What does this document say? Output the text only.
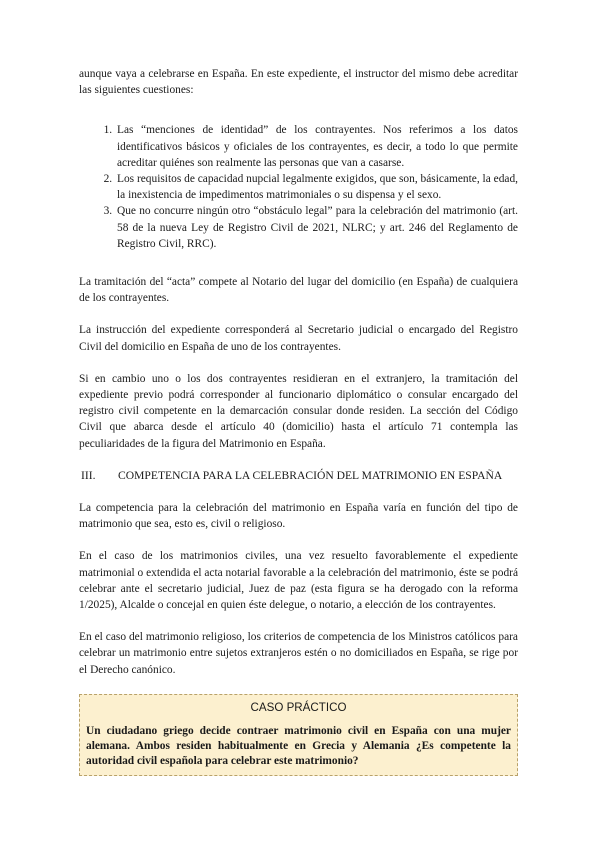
aunque vaya a celebrarse en España. En este expediente, el instructor del mismo debe acreditar las siguientes cuestiones:

1. Las “menciones de identidad” de los contrayentes. Nos referimos a los datos identificativos básicos y oficiales de los contrayentes, es decir, a todo lo que permite acreditar quiénes son realmente las personas que van a casarse.
2. Los requisitos de capacidad nupcial legalmente exigidos, que son, básicamente, la edad, la inexistencia de impedimentos matrimoniales o su dispensa y el sexo.
3. Que no concurre ningún otro “obstáculo legal” para la celebración del matrimonio (art. 58 de la nueva Ley de Registro Civil de 2021, NLRC; y art. 246 del Reglamento de Registro Civil, RRC).

La tramitación del “acta” compete al Notario del lugar del domicilio (en España) de cualquiera de los contrayentes.

La instrucción del expediente corresponderá al Secretario judicial o encargado del Registro Civil del domicilio en España de uno de los contrayentes.

Si en cambio uno o los dos contrayentes residieran en el extranjero, la tramitación del expediente previo podrá corresponder al funcionario diplomático o consular encargado del registro civil competente en la demarcación consular donde residen. La sección del Código Civil que abarca desde el artículo 40 (domicilio) hasta el artículo 71 contempla las peculiaridades de la figura del Matrimonio en España.

III.	COMPETENCIA PARA LA CELEBRACIÓN DEL MATRIMONIO EN ESPAÑA

La competencia para la celebración del matrimonio en España varía en función del tipo de matrimonio que sea, esto es, civil o religioso.

En el caso de los matrimonios civiles, una vez resuelto favorablemente el expediente matrimonial o extendida el acta notarial favorable a la celebración del matrimonio, éste se podrá celebrar ante el secretario judicial, Juez de paz (esta figura se ha derogado con la reforma 1/2025), Alcalde o concejal en quien éste delegue, o notario, a elección de los contrayentes.

En el caso del matrimonio religioso, los criterios de competencia de los Ministros católicos para celebrar un matrimonio entre sujetos extranjeros estén o no domiciliados en España, se rige por el Derecho canónico.

CASO PRÁCTICO
Un ciudadano griego decide contraer matrimonio civil en España con una mujer alemana. Ambos residen habitualmente en Grecia y Alemania ¿Es competente la autoridad civil española para celebrar este matrimonio?
